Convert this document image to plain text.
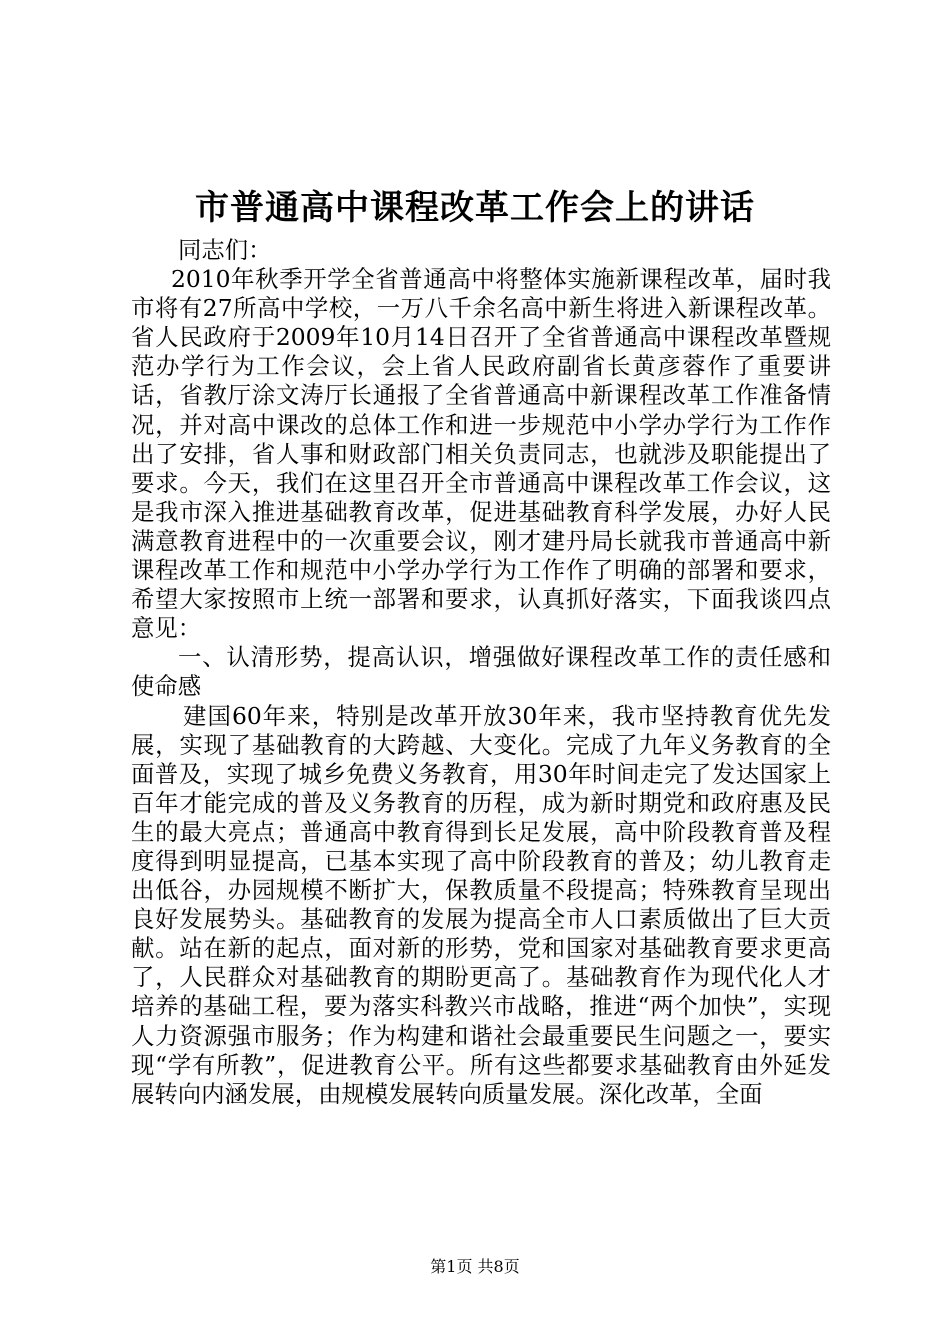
市普通高中课程改革工作会上的讲话

同志们：

2010年秋季开学全省普通高中将整体实施新课程改革，届时我市将有27所高中学校，一万八千余名高中新生将进入新课程改革。省人民政府于2009年10月14日召开了全省普通高中课程改革暨规范办学行为工作会议，会上省人民政府副省长黄彦蓉作了重要讲话，省教厅涂文涛厅长通报了全省普通高中新课程改革工作准备情况，并对高中课改的总体工作和进一步规范中小学办学行为工作作出了安排，省人事和财政部门相关负责同志，也就涉及职能提出了要求。今天，我们在这里召开全市普通高中课程改革工作会议，这是我市深入推进基础教育改革，促进基础教育科学发展，办好人民满意教育进程中的一次重要会议，刚才建丹局长就我市普通高中新课程改革工作和规范中小学办学行为工作作了明确的部署和要求，希望大家按照市上统一部署和要求，认真抓好落实，下面我谈四点意见：

一、认清形势，提高认识，增强做好课程改革工作的责任感和使命感

建国60年来，特别是改革开放30年来，我市坚持教育优先发展，实现了基础教育的大跨越、大变化。完成了九年义务教育的全面普及，实现了城乡免费义务教育，用30年时间走完了发达国家上百年才能完成的普及义务教育的历程，成为新时期党和政府惠及民生的最大亮点；普通高中教育得到长足发展，高中阶段教育普及程度得到明显提高，已基本实现了高中阶段教育的普及；幼儿教育走出低谷，办园规模不断扩大，保教质量不段提高；特殊教育呈现出良好发展势头。基础教育的发展为提高全市人口素质做出了巨大贡献。站在新的起点，面对新的形势，党和国家对基础教育要求更高了，人民群众对基础教育的期盼更高了。基础教育作为现代化人才培养的基础工程，要为落实科教兴市战略，推进“两个加快”，实现人力资源强市服务；作为构建和谐社会最重要民生问题之一，要实现“学有所教”，促进教育公平。所有这些都要求基础教育由外延发展转向内涵发展，由规模发展转向质量发展。深化改革，全面

第1页 共8页
